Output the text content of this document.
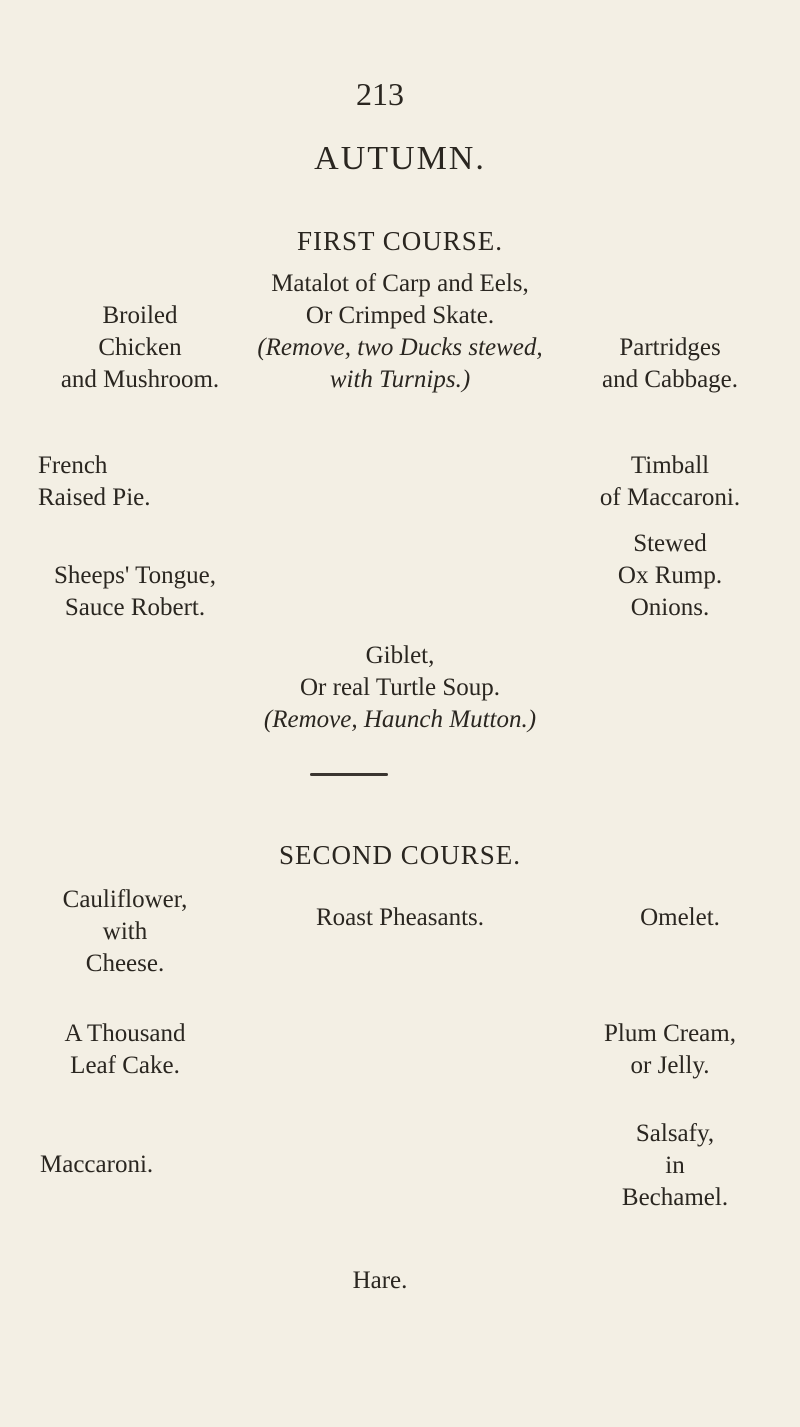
213
AUTUMN.
FIRST COURSE.
Matalot of Carp and Eels,
Or Crimped Skate.
(Remove, two Ducks stewed,
with Turnips.)
Broiled
Chicken
and Mushroom.
Partridges
and Cabbage.
French
Raised Pie.
Timball
of Maccaroni.
Sheeps' Tongue,
Sauce Robert.
Stewed
Ox Rump.
Onions.
Giblet,
Or real Turtle Soup.
(Remove, Haunch Mutton.)
SECOND COURSE.
Cauliflower,
with
Cheese.
Roast Pheasants.	Omelet.
A Thousand
Leaf Cake.
Plum Cream,
or Jelly.
Maccaroni.
Salsafy,
in
Bechamel.
Hare.
